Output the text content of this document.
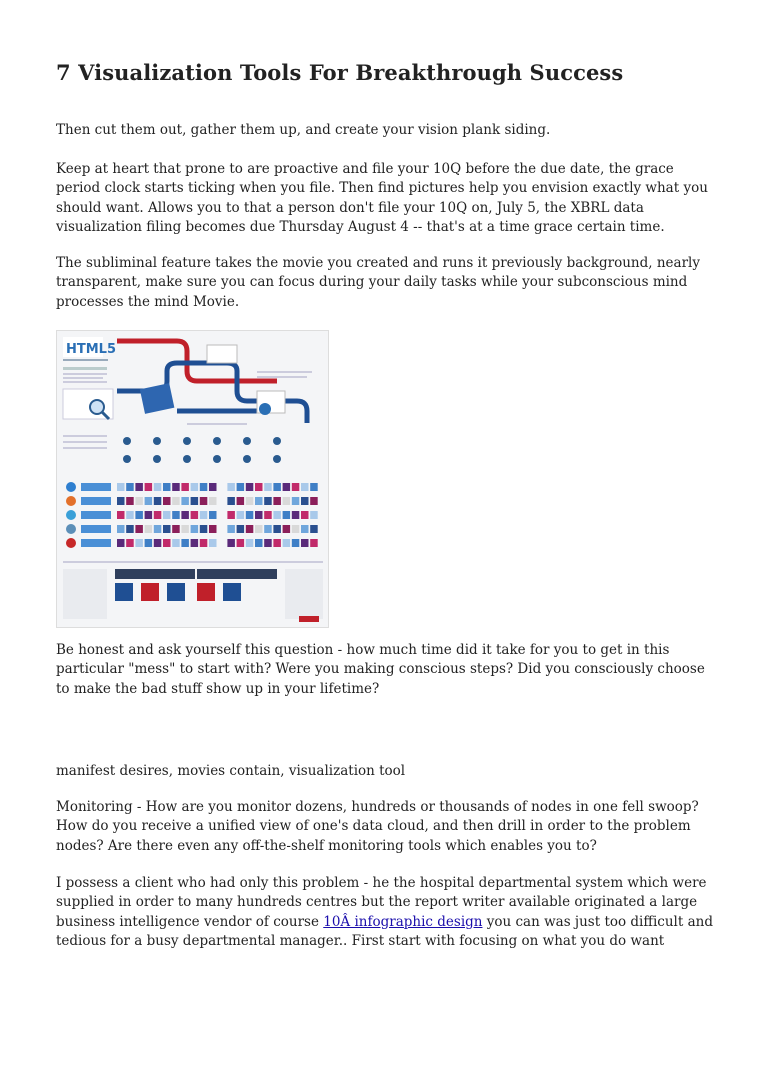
7 Visualization Tools For Breakthrough Success

Then cut them out, gather them up, and create your vision plank siding.

Keep at heart that prone to are proactive and file your 10Q before the due date, the grace period clock starts ticking when you file. Then find pictures help you envision exactly what you should want. Allows you to that a person don't file your 10Q on, July 5, the XBRL data visualization filing becomes due Thursday August 4 -- that's at a time grace certain time.

The subliminal feature takes the movie you created and runs it previously background, nearly transparent, make sure you can focus during your daily tasks while your subconscious mind processes the mind Movie.

Be honest and ask yourself this question - how much time did it take for you to get in this particular "mess" to start with? Were you making conscious steps? Did you consciously choose to make the bad stuff show up in your lifetime?

manifest desires, movies contain, visualization tool

Monitoring - How are you monitor dozens, hundreds or thousands of nodes in one fell swoop? How do you receive a unified view of one's data cloud, and then drill in order to the problem nodes? Are there even any off-the-shelf monitoring tools which enables you to?

I possess a client who had only this problem - he the hospital departmental system which were supplied in order to many hundreds centres but the report writer available originated a large business intelligence vendor of course 10Â infographic design you can was just too difficult and tedious for a busy departmental manager.. First start with focusing on what you do want

HTML5
